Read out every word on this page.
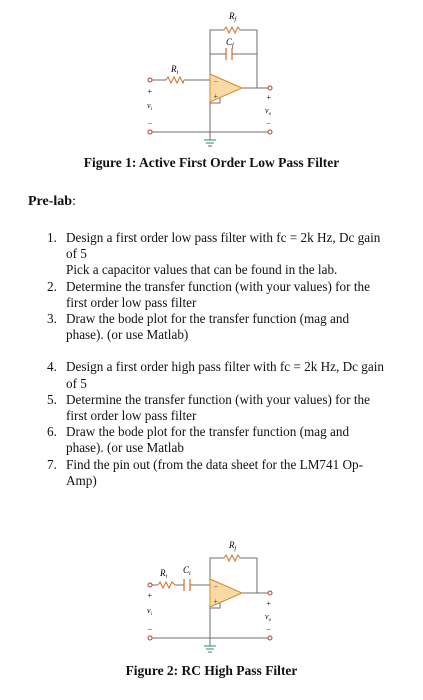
−
+
$R_f$
$C_f$
$R_i$
+
$v_i$
−
+
$v_o$
−
Figure 1: Active First Order Low Pass Filter
Pre-lab:
1. Design a first order low pass filter with fc = 2k Hz, Dc gain of 5
Pick a capacitor values that can be found in the lab.
2. Determine the transfer function (with your values) for the first order low pass filter
3. Draw the bode plot for the transfer function (mag and phase). (or use Matlab)
4. Design a first order high pass filter with fc = 2k Hz, Dc gain of 5
5. Determine the transfer function (with your values) for the first order low pass filter
6. Draw the bode plot for the transfer function (mag and phase). (or use Matlab
7. Find the pin out (from the data sheet for the LM741 Op-Amp)
−
+
$R_f$
$R_i$
$C_i$
+
$v_i$
−
+
$v_o$
−
Figure 2: RC High Pass Filter
